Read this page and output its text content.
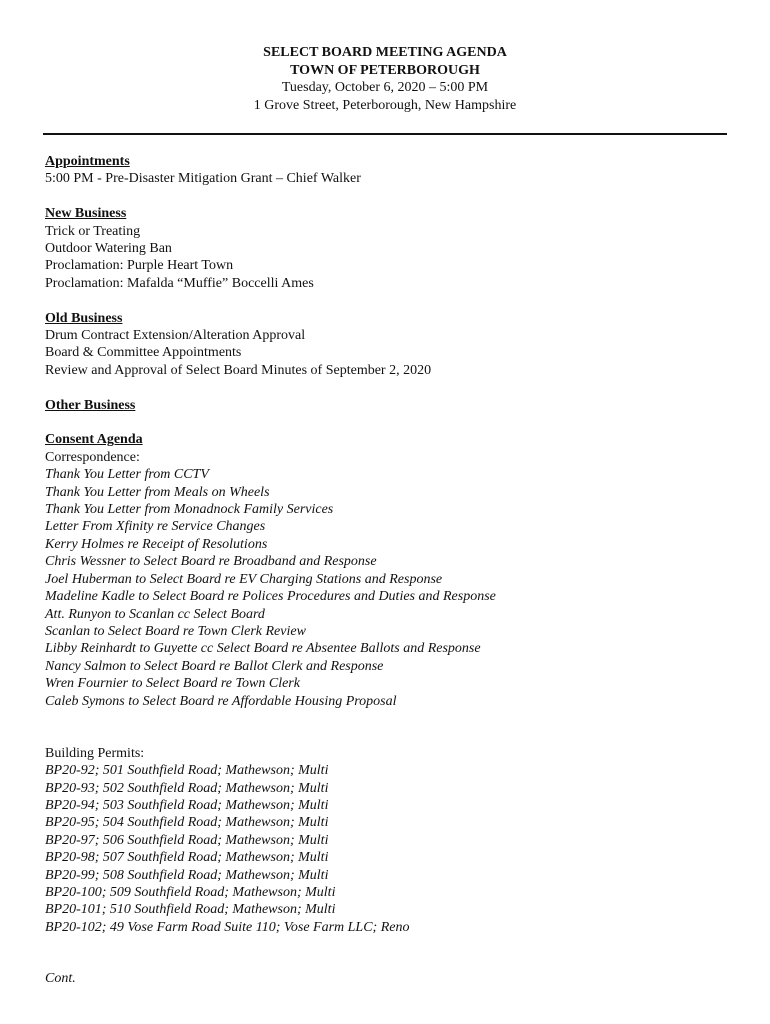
SELECT BOARD MEETING AGENDA
TOWN OF PETERBOROUGH
Tuesday, October 6, 2020 – 5:00 PM
1 Grove Street, Peterborough, New Hampshire
Appointments
5:00 PM - Pre-Disaster Mitigation Grant – Chief Walker
New Business
Trick or Treating
Outdoor Watering Ban
Proclamation: Purple Heart Town
Proclamation: Mafalda “Muffie” Boccelli Ames
Old Business
Drum Contract Extension/Alteration Approval
Board & Committee Appointments
Review and Approval of Select Board Minutes of September 2, 2020
Other Business
Consent Agenda
Correspondence:
Thank You Letter from CCTV
Thank You Letter from Meals on Wheels
Thank You Letter from Monadnock Family Services
Letter From Xfinity re Service Changes
Kerry Holmes re Receipt of Resolutions
Chris Wessner to Select Board re Broadband and Response
Joel Huberman to Select Board re EV Charging Stations and Response
Madeline Kadle to Select Board re Polices Procedures and Duties and Response
Att. Runyon to Scanlan cc Select Board
Scanlan to Select Board re Town Clerk Review
Libby Reinhardt to Guyette cc Select Board re Absentee Ballots and Response
Nancy Salmon to Select Board re Ballot Clerk and Response
Wren Fournier to Select Board re Town Clerk
Caleb Symons to Select Board re Affordable Housing Proposal
Building Permits:
BP20-92; 501 Southfield Road; Mathewson; Multi
BP20-93; 502 Southfield Road; Mathewson; Multi
BP20-94; 503 Southfield Road; Mathewson; Multi
BP20-95; 504 Southfield Road; Mathewson; Multi
BP20-97; 506 Southfield Road; Mathewson; Multi
BP20-98; 507 Southfield Road; Mathewson; Multi
BP20-99; 508 Southfield Road; Mathewson; Multi
BP20-100; 509 Southfield Road; Mathewson; Multi
BP20-101; 510 Southfield Road; Mathewson; Multi
BP20-102; 49 Vose Farm Road Suite 110; Vose Farm LLC; Reno
Cont.
